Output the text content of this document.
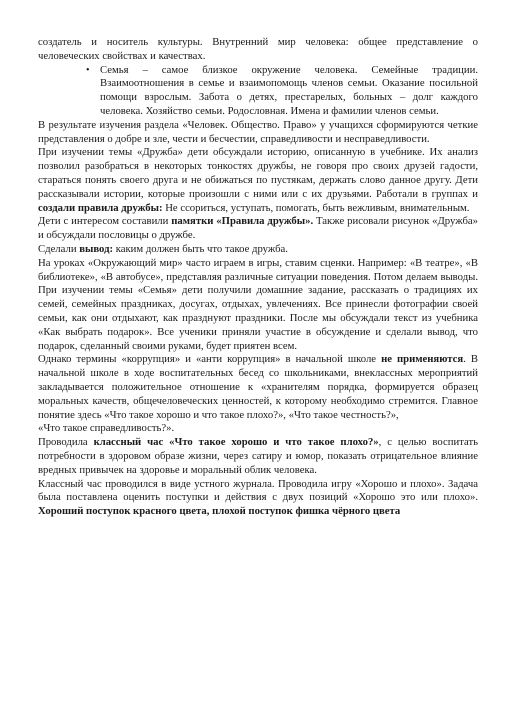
создатель и носитель культуры. Внутренний мир человека: общее представление о человеческих свойствах и качествах.

• Семья – самое близкое окружение человека. Семейные традиции. Взаимоотношения в семье и взаимопомощь членов семьи. Оказание посильной помощи взрослым. Забота о детях, престарелых, больных – долг каждого человека. Хозяйство семьи. Родословная. Имена и фамилии членов семьи.

В результате изучения раздела «Человек. Общество. Право» у учащихся сформируются четкие представления о добре и зле, чести и бесчестии, справедливости и несправедливости.

При изучении темы «Дружба» дети обсуждали историю, описанную в учебнике. Их анализ позволил разобраться в некоторых тонкостях дружбы, не говоря про своих друзей гадости, стараться понять своего друга и не обижаться по пустякам, держать слово данное другу. Дети рассказывали истории, которые произошли с ними или с их друзьями. Работали в группах и создали правила дружбы: Не ссориться, уступать, помогать, быть вежливым, внимательным.

Дети с интересом составили памятки «Правила дружбы». Также рисовали рисунок «Дружба» и обсуждали пословицы о дружбе.

Сделали вывод: каким должен быть что такое дружба.

На уроках «Окружающий мир» часто играем в игры, ставим сценки. Например: «В театре», «В библиотеке», «В автобусе», представляя различные ситуации поведения. Потом делаем выводы. При изучении темы «Семья» дети получили домашние задание, рассказать о традициях их семей, семейных праздниках, досугах, отдыхах, увлечениях. Все принесли фотографии своей семьи, как они отдыхают, как празднуют праздники. После мы обсуждали текст из учебника «Как выбрать подарок». Все ученики приняли участие в обсуждение и сделали вывод, что подарок, сделанный своими руками, будет приятен всем.

Однако термины «коррупция» и «анти коррупция» в начальной школе не применяются. В начальной школе в ходе воспитательных бесед со школьниками, внеклассных мероприятий закладывается положительное отношение к «хранителям порядка, формируется образец моральных качеств, общечеловеческих ценностей, к которому необходимо стремится. Главное понятие здесь «Что такое хорошо и что такое плохо?», «Что такое честность?»,

«Что такое справедливость?».

Проводила классный час «Что такое хорошо и что такое плохо?», с целью воспитать потребности в здоровом образе жизни, через сатиру и юмор, показать отрицательное влияние вредных привычек на здоровье и моральный облик человека.

Классный час проводился в виде устного журнала. Проводила игру «Хорошо и плохо». Задача была поставлена оценить поступки и действия с двух позиций «Хорошо это или плохо». Хороший поступок красного цвета, плохой поступок фишка чёрного цвета
